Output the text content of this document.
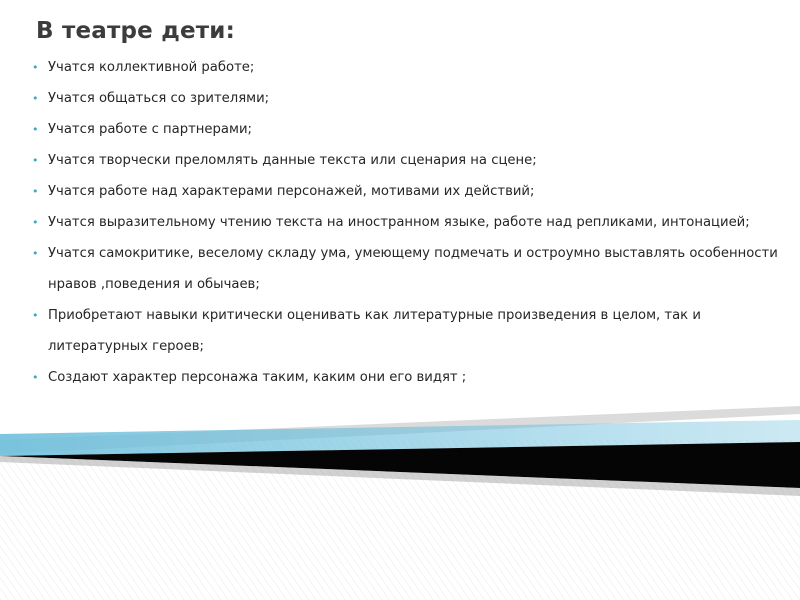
В театре дети:
• Учатся коллективной работе;
• Учатся общаться со зрителями;
• Учатся работе с партнерами;
• Учатся творчески преломлять данные текста или сценария на сцене;
• Учатся работе над характерами персонажей, мотивами их действий;
• Учатся выразительному чтению текста на иностранном языке, работе над репликами, интонацией;
• Учатся самокритике, веселому складу ума, умеющему подмечать и остроумно выставлять особенности нравов ,поведения и обычаев;
• Приобретают навыки критически оценивать как литературные произведения в целом, так и литературных героев;
• Создают характер персонажа таким, каким они его видят ;
